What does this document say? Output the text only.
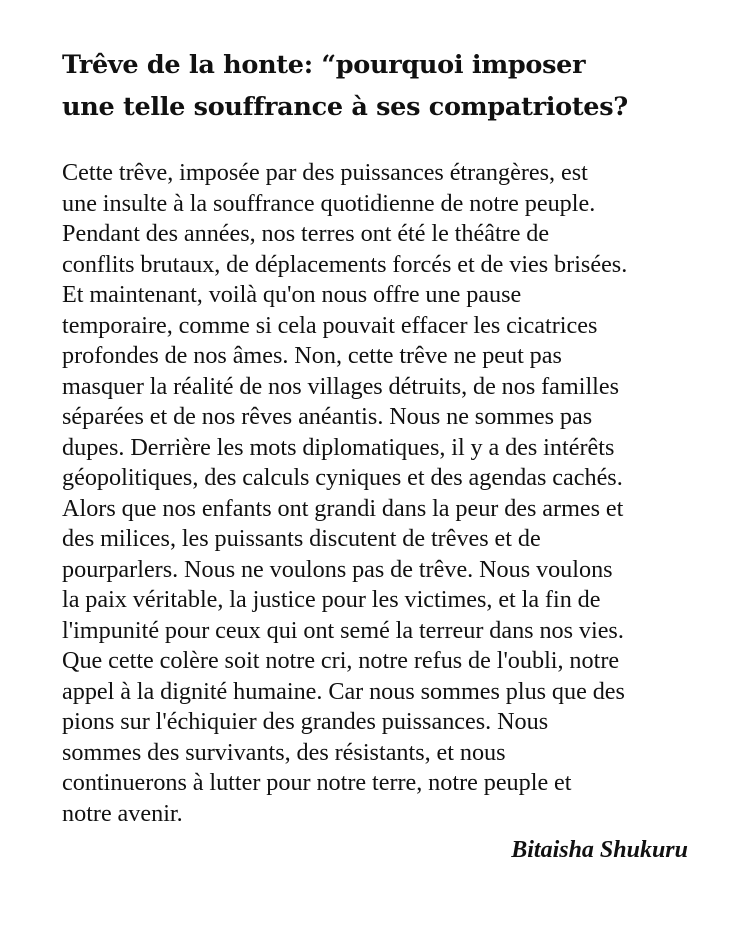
Trêve de la honte: “pourquoi imposer
une telle souffrance à ses compatriotes?

Cette trêve, imposée par des puissances étrangères, est
une insulte à la souffrance quotidienne de notre peuple.
Pendant des années, nos terres ont été le théâtre de
conflits brutaux, de déplacements forcés et de vies brisées.
Et maintenant, voilà qu'on nous offre une pause
temporaire, comme si cela pouvait effacer les cicatrices
profondes de nos âmes. Non, cette trêve ne peut pas
masquer la réalité de nos villages détruits, de nos familles
séparées et de nos rêves anéantis. Nous ne sommes pas
dupes. Derrière les mots diplomatiques, il y a des intérêts
géopolitiques, des calculs cyniques et des agendas cachés.
Alors que nos enfants ont grandi dans la peur des armes et
des milices, les puissants discutent de trêves et de
pourparlers. Nous ne voulons pas de trêve. Nous voulons
la paix véritable, la justice pour les victimes, et la fin de
l'impunité pour ceux qui ont semé la terreur dans nos vies.
Que cette colère soit notre cri, notre refus de l'oubli, notre
appel à la dignité humaine. Car nous sommes plus que des
pions sur l'échiquier des grandes puissances. Nous
sommes des survivants, des résistants, et nous
continuerons à lutter pour notre terre, notre peuple et
notre avenir.

Bitaisha Shukuru
